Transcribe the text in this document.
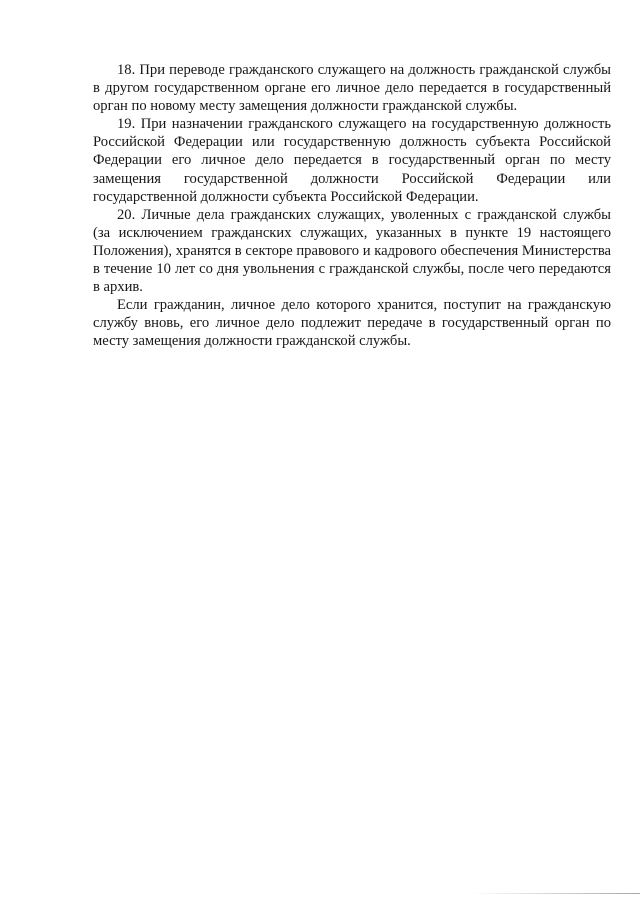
18. При переводе гражданского служащего на должность гражданской службы в другом государственном органе его личное дело передается в государственный орган по новому месту замещения должности гражданской службы.

19. При назначении гражданского служащего на государственную должность Российской Федерации или государственную должность субъекта Российской Федерации его личное дело передается в государственный орган по месту замещения государственной должности Российской Федерации или государственной должности субъекта Российской Федерации.

20. Личные дела гражданских служащих, уволенных с гражданской службы (за исключением гражданских служащих, указанных в пункте 19 настоящего Положения), хранятся в секторе правового и кадрового обеспечения Министерства в течение 10 лет со дня увольнения с гражданской службы, после чего передаются в архив.

Если гражданин, личное дело которого хранится, поступит на гражданскую службу вновь, его личное дело подлежит передаче в государственный орган по месту замещения должности гражданской службы.
